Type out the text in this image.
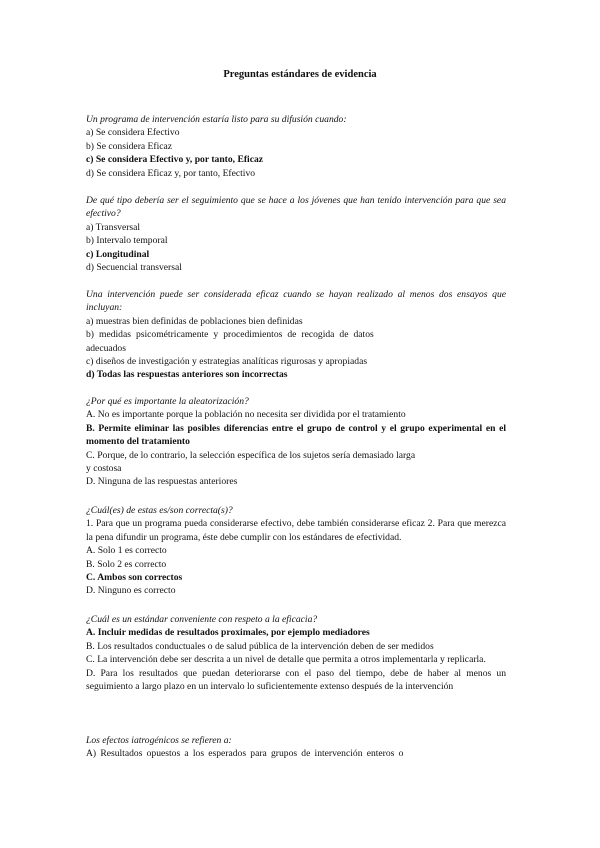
Preguntas estándares de evidencia
Un programa de intervención estaría listo para su difusión cuando:
a) Se considera Efectivo
b) Se considera Eficaz
c) Se considera Efectivo y, por tanto, Eficaz
d) Se considera Eficaz y, por tanto, Efectivo
De qué tipo debería ser el seguimiento que se hace a los jóvenes que han tenido intervención para que sea efectivo?
a) Transversal
b) Intervalo temporal
c) Longitudinal
d) Secuencial transversal
Una intervención puede ser considerada eficaz cuando se hayan realizado al menos dos ensayos que incluyan:
a) muestras bien definidas de poblaciones bien definidas
b) medidas psicométricamente y procedimientos de recogida de datos
adecuados
c) diseños de investigación y estrategias analíticas rigurosas y apropiadas
d) Todas las respuestas anteriores son incorrectas
¿Por qué es importante la aleatorización?
A. No es importante porque la población no necesita ser dividida por el tratamiento
B. Permite eliminar las posibles diferencias entre el grupo de control y el grupo experimental en el momento del tratamiento
C. Porque, de lo contrario, la selección específica de los sujetos sería demasiado larga
y costosa
D. Ninguna de las respuestas anteriores
¿Cuál(es) de estas es/son correcta(s)?
1. Para que un programa pueda considerarse efectivo, debe también considerarse eficaz 2. Para que merezca la pena difundir un programa, éste debe cumplir con los estándares de efectividad.
A. Solo 1 es correcto
B. Solo 2 es correcto
C. Ambos son correctos
D. Ninguno es correcto
¿Cuál es un estándar conveniente con respeto a la eficacia?
A. Incluir medidas de resultados proximales, por ejemplo mediadores
B. Los resultados conductuales o de salud pública de la intervención deben de ser medidos
C. La intervención debe ser descrita a un nivel de detalle que permita a otros implementarla y replicarla.
D. Para los resultados que puedan deteriorarse con el paso del tiempo, debe de haber al menos un seguimiento a largo plazo en un intervalo lo suficientemente extenso después de la intervención
Los efectos iatrogénicos se refieren a:
A) Resultados opuestos a los esperados para grupos de intervención enteros o
